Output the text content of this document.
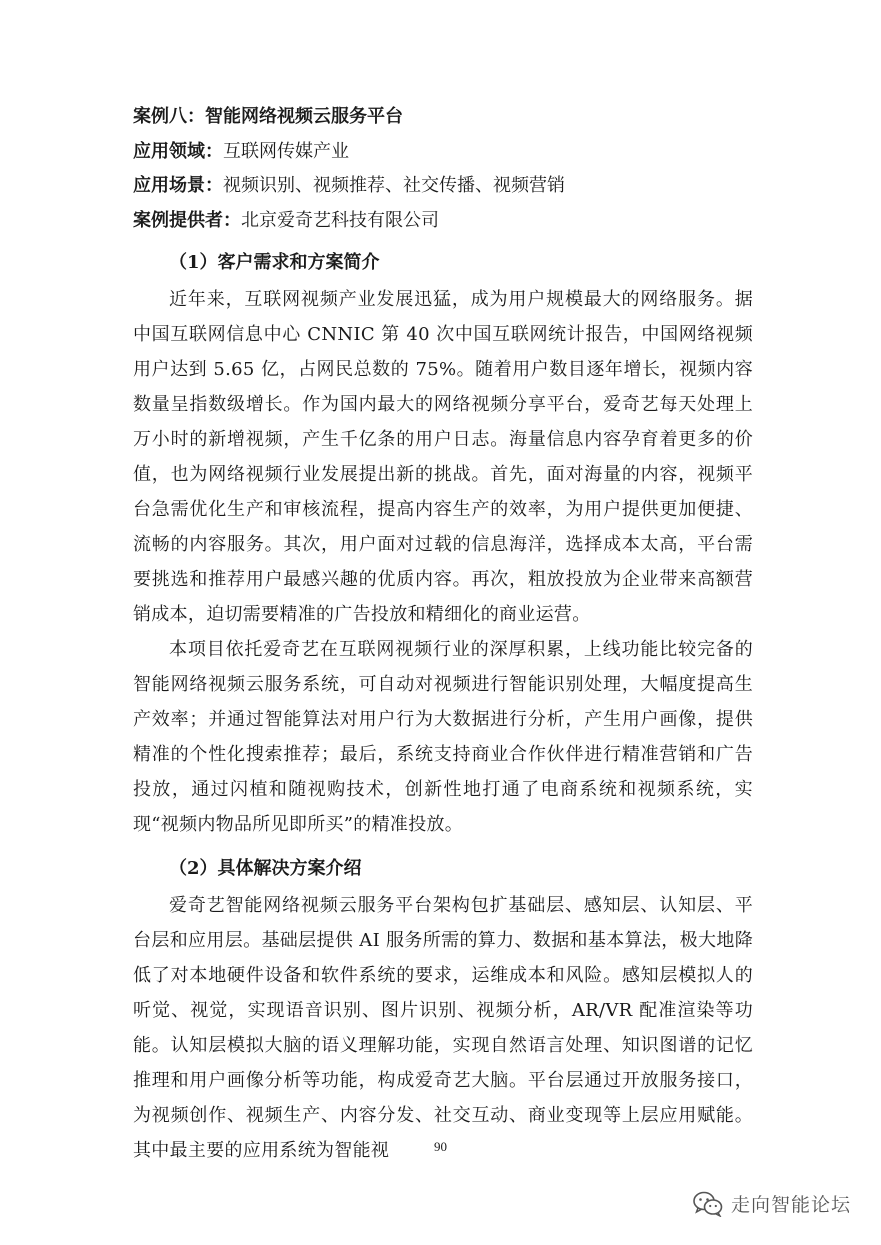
案例八：智能网络视频云服务平台
应用领域：互联网传媒产业
应用场景：视频识别、视频推荐、社交传播、视频营销
案例提供者：北京爱奇艺科技有限公司
（1）客户需求和方案简介

近年来，互联网视频产业发展迅猛，成为用户规模最大的网络服务。据中国互联网信息中心 CNNIC 第 40 次中国互联网统计报告，中国网络视频用户达到 5.65 亿，占网民总数的 75%。随着用户数目逐年增长，视频内容数量呈指数级增长。作为国内最大的网络视频分享平台，爱奇艺每天处理上万小时的新增视频，产生千亿条的用户日志。海量信息内容孕育着更多的价值，也为网络视频行业发展提出新的挑战。首先，面对海量的内容，视频平台急需优化生产和审核流程，提高内容生产的效率，为用户提供更加便捷、流畅的内容服务。其次，用户面对过载的信息海洋，选择成本太高，平台需要挑选和推荐用户最感兴趣的优质内容。再次，粗放投放为企业带来高额营销成本，迫切需要精准的广告投放和精细化的商业运营。

本项目依托爱奇艺在互联网视频行业的深厚积累，上线功能比较完备的智能网络视频云服务系统，可自动对视频进行智能识别处理，大幅度提高生产效率；并通过智能算法对用户行为大数据进行分析，产生用户画像，提供精准的个性化搜索推荐；最后，系统支持商业合作伙伴进行精准营销和广告投放，通过闪植和随视购技术，创新性地打通了电商系统和视频系统，实现“视频内物品所见即所买”的精准投放。

（2）具体解决方案介绍

爱奇艺智能网络视频云服务平台架构包扩基础层、感知层、认知层、平台层和应用层。基础层提供 AI 服务所需的算力、数据和基本算法，极大地降低了对本地硬件设备和软件系统的要求，运维成本和风险。感知层模拟人的听觉、视觉，实现语音识别、图片识别、视频分析，AR/VR 配准渲染等功能。认知层模拟大脑的语义理解功能，实现自然语言处理、知识图谱的记忆推理和用户画像分析等功能，构成爱奇艺大脑。平台层通过开放服务接口，为视频创作、视频生产、内容分发、社交互动、商业变现等上层应用赋能。其中最主要的应用系统为智能视	90
走向智能论坛
